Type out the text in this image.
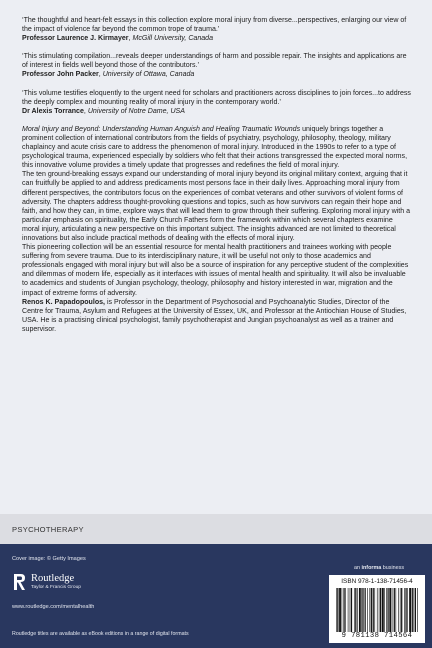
‘The thoughtful and heart-felt essays in this collection explore moral injury from diverse...perspectives, enlarging our view of the impact of violence far beyond the common trope of trauma.’
Professor Laurence J. Kirmayer, McGill University, Canada
‘This stimulating compilation...reveals deeper understandings of harm and possible repair. The insights and applications are of interest in fields well beyond those of the contributors.’
Professor John Packer, University of Ottawa, Canada
‘This volume testifies eloquently to the urgent need for scholars and practitioners across disciplines to join forces...to address the deeply complex and mounting reality of moral injury in the contemporary world.’
Dr Alexis Torrance, University of Notre Dame, USA

Moral Injury and Beyond: Understanding Human Anguish and Healing Traumatic Wounds uniquely brings together a prominent collection of international contributors from the fields of psychiatry, psychology, philosophy, theology, military chaplaincy and acute crisis care to address the phenomenon of moral injury. Introduced in the 1990s to refer to a type of psychological trauma, experienced especially by soldiers who felt that their actions transgressed the expected moral norms, this innovative volume provides a timely update that progresses and redefines the field of moral injury.

The ten ground-breaking essays expand our understanding of moral injury beyond its original military context, arguing that it can fruitfully be applied to and address predicaments most persons face in their daily lives. Approaching moral injury from different perspectives, the contributors focus on the experiences of combat veterans and other survivors of violent forms of adversity. The chapters address thought-provoking questions and topics, such as how survivors can regain their hope and faith, and how they can, in time, explore ways that will lead them to grow through their suffering. Exploring moral injury with a particular emphasis on spirituality, the Early Church Fathers form the framework within which several chapters examine moral injury, articulating a new perspective on this important subject. The insights advanced are not limited to theoretical innovations but also include practical methods of dealing with the effects of moral injury.

This pioneering collection will be an essential resource for mental health practitioners and trainees working with people suffering from severe trauma. Due to its interdisciplinary nature, it will be useful not only to those academics and professionals engaged with moral injury but will also be a source of inspiration for any perceptive student of the complexities and dilemmas of modern life, especially as it interfaces with issues of mental health and spirituality. It will also be invaluable to academics and students of Jungian psychology, theology, philosophy and history interested in war, migration and the impact of extreme forms of adversity.

Renos K. Papadopoulos, is Professor in the Department of Psychosocial and Psychoanalytic Studies, Director of the Centre for Trauma, Asylum and Refugees at the University of Essex, UK, and Professor at the Antiochian House of Studies, USA. He is a practising clinical psychologist, family psychotherapist and Jungian psychoanalyst as well as a trainer and supervisor.

PSYCHOTHERAPY
Cover image: © Getty Images
Routledge
Taylor & Francis Group
www.routledge.com/mentalhealth
Routledge titles are available as eBook editions in a range of digital formats
an informa business
ISBN 978-1-138-71456-4
9 781138 714564
